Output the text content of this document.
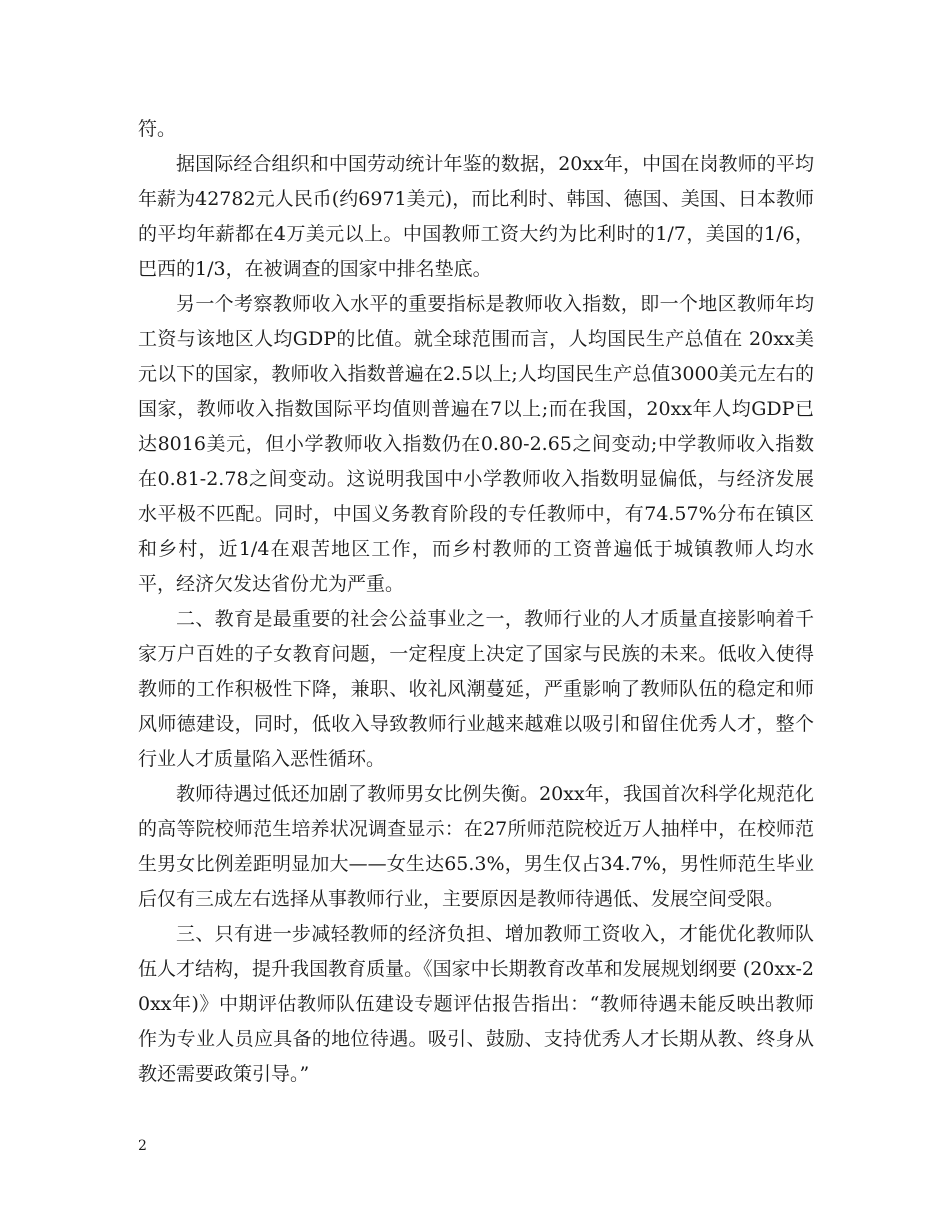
符。

据国际经合组织和中国劳动统计年鉴的数据，20xx年，中国在岗教师的平均年薪为42782元人民币(约6971美元)，而比利时、韩国、德国、美国、日本教师的平均年薪都在4万美元以上。中国教师工资大约为比利时的1/7，美国的1/6，巴西的1/3，在被调查的国家中排名垫底。

另一个考察教师收入水平的重要指标是教师收入指数，即一个地区教师年均工资与该地区人均GDP的比值。就全球范围而言，人均国民生产总值在 20xx美元以下的国家，教师收入指数普遍在2.5以上;人均国民生产总值3000美元左右的国家，教师收入指数国际平均值则普遍在7以上;而在我国，20xx年人均GDP已达8016美元，但小学教师收入指数仍在0.80-2.65之间变动;中学教师收入指数在0.81-2.78之间变动。这说明我国中小学教师收入指数明显偏低，与经济发展水平极不匹配。同时，中国义务教育阶段的专任教师中，有74.57%分布在镇区和乡村，近1/4在艰苦地区工作，而乡村教师的工资普遍低于城镇教师人均水平，经济欠发达省份尤为严重。

二、教育是最重要的社会公益事业之一，教师行业的人才质量直接影响着千家万户百姓的子女教育问题，一定程度上决定了国家与民族的未来。低收入使得教师的工作积极性下降，兼职、收礼风潮蔓延，严重影响了教师队伍的稳定和师风师德建设，同时，低收入导致教师行业越来越难以吸引和留住优秀人才，整个行业人才质量陷入恶性循环。

教师待遇过低还加剧了教师男女比例失衡。20xx年，我国首次科学化规范化的高等院校师范生培养状况调查显示：在27所师范院校近万人抽样中，在校师范生男女比例差距明显加大——女生达65.3%，男生仅占34.7%，男性师范生毕业后仅有三成左右选择从事教师行业，主要原因是教师待遇低、发展空间受限。

三、只有进一步减轻教师的经济负担、增加教师工资收入，才能优化教师队伍人才结构，提升我国教育质量。《国家中长期教育改革和发展规划纲要 (20xx-20xx年)》中期评估教师队伍建设专题评估报告指出：“教师待遇未能反映出教师作为专业人员应具备的地位待遇。吸引、鼓励、支持优秀人才长期从教、终身从教还需要政策引导。”

2
